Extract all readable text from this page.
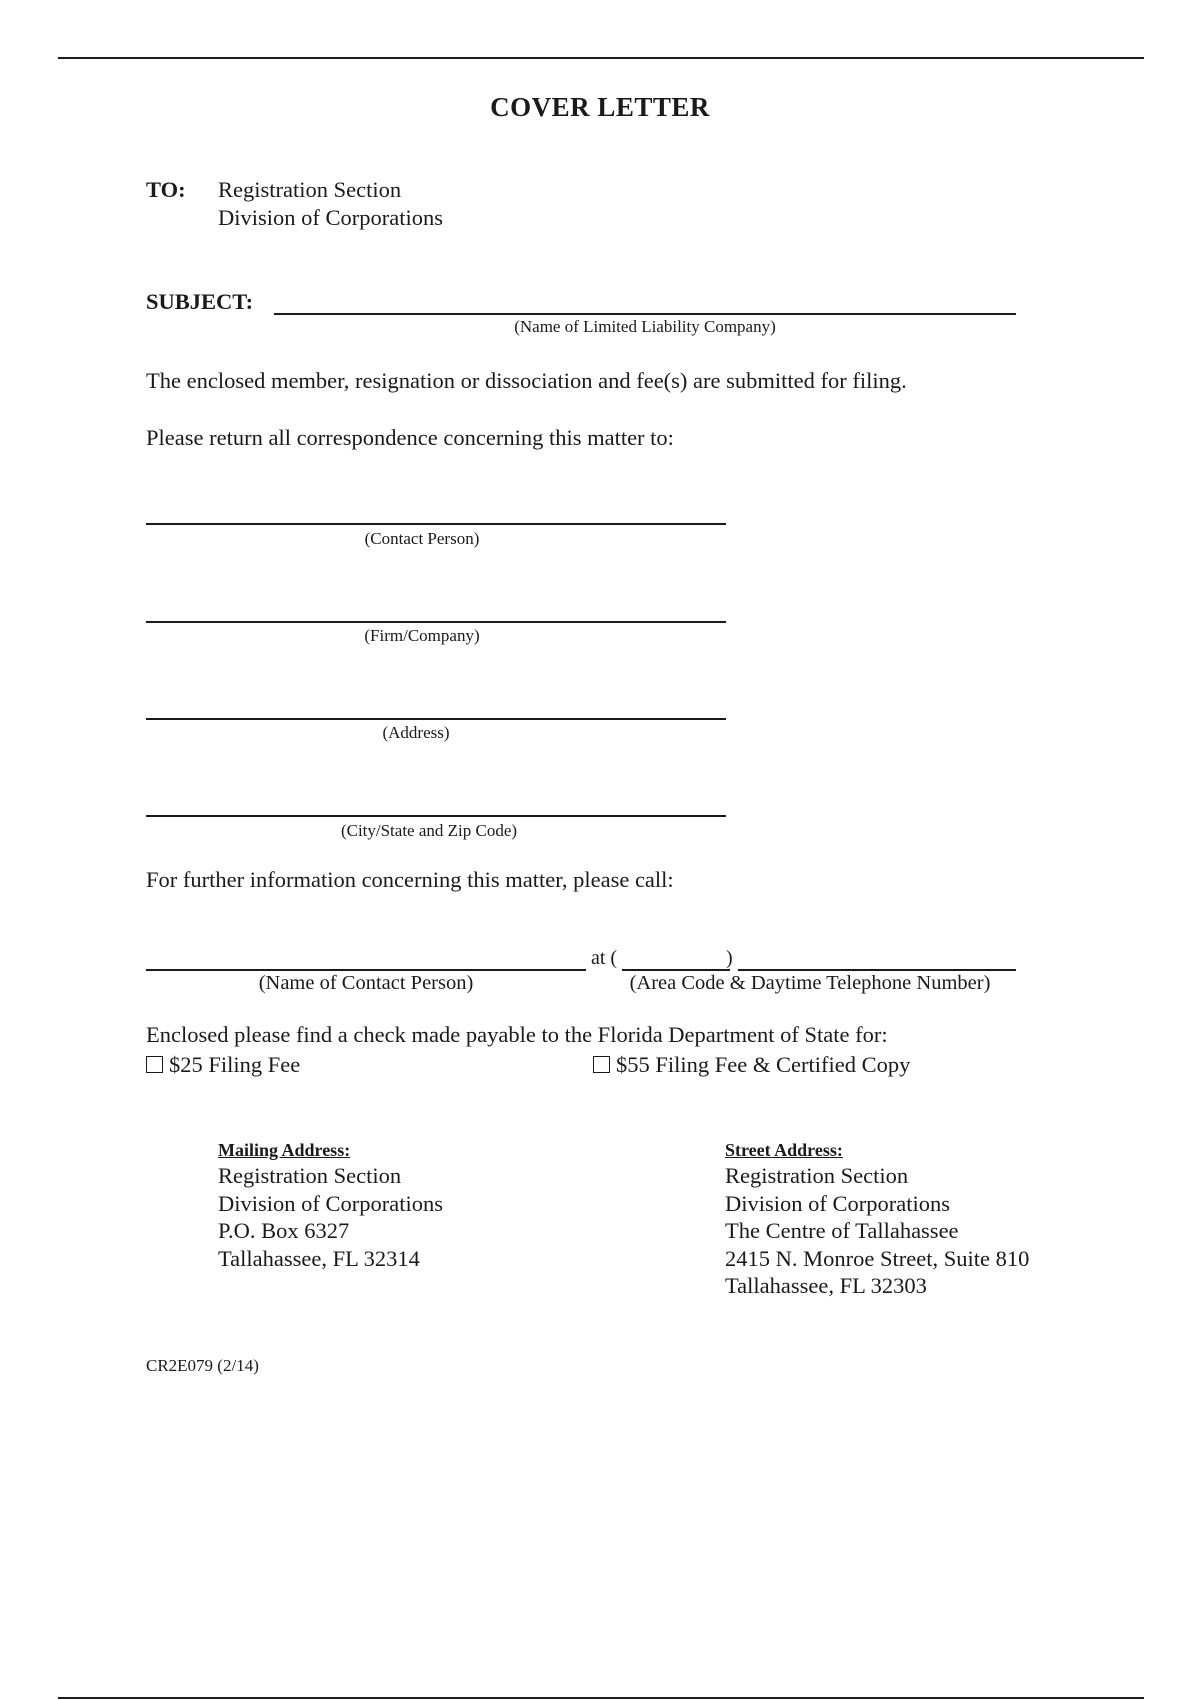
COVER LETTER
TO: Registration Section
Division of Corporations
SUBJECT:
(Name of Limited Liability Company)
The enclosed member, resignation or dissociation and fee(s) are submitted for filing.
Please return all correspondence concerning this matter to:
(Contact Person)
(Firm/Company)
(Address)
(City/State and Zip Code)
For further information concerning this matter, please call:
at (	)
(Name of Contact Person)	(Area Code & Daytime Telephone Number)
Enclosed please find a check made payable to the Florida Department of State for:
$25 Filing Fee	$55 Filing Fee & Certified Copy
Mailing Address:
Registration Section
Division of Corporations
P.O. Box 6327
Tallahassee, FL 32314
Street Address:
Registration Section
Division of Corporations
The Centre of Tallahassee
2415 N. Monroe Street, Suite 810
Tallahassee, FL 32303
CR2E079 (2/14)
